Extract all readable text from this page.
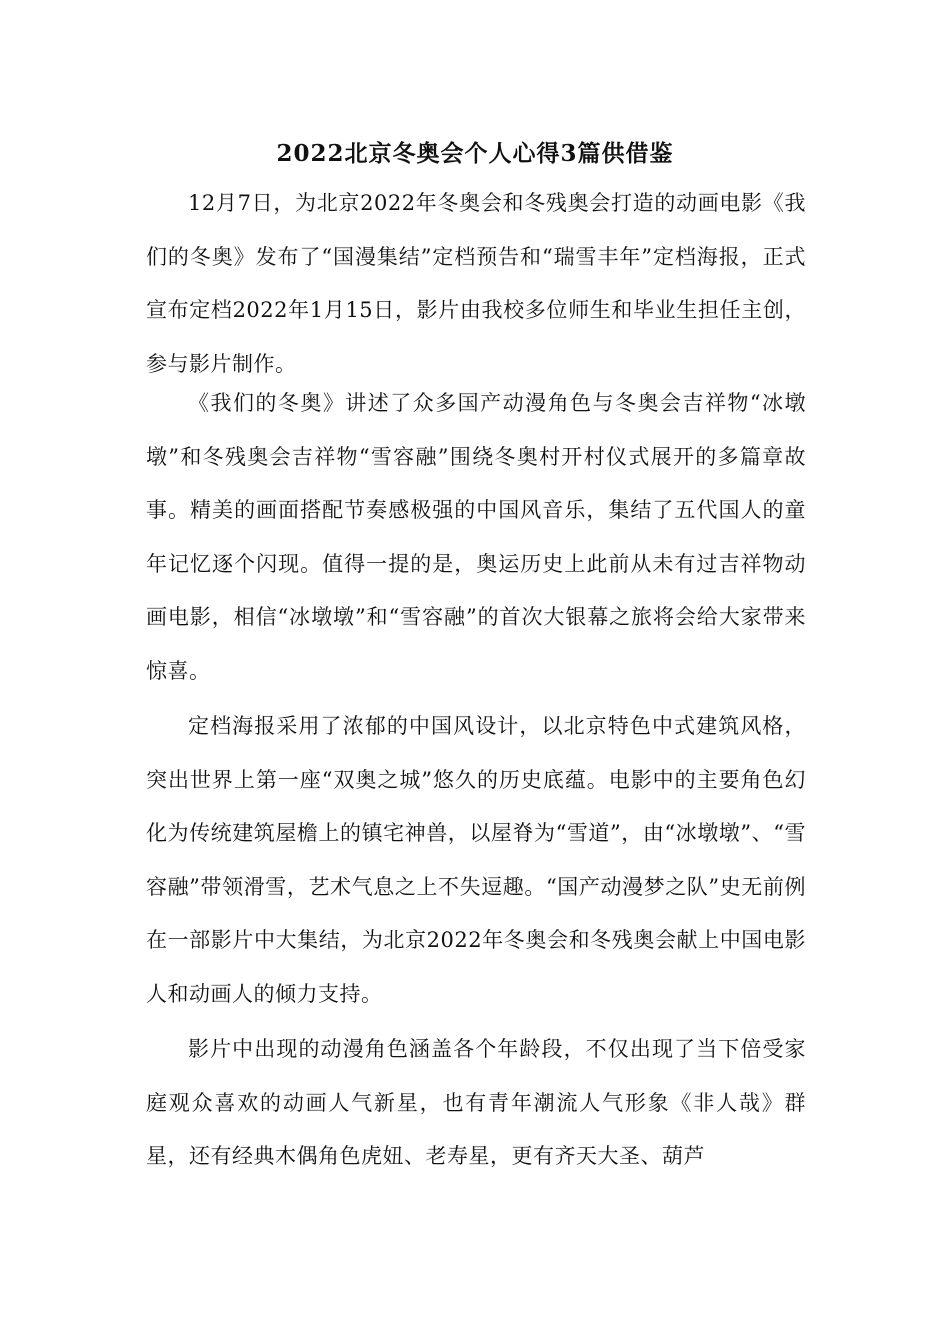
2022北京冬奥会个人心得3篇供借鉴

12月7日，为北京2022年冬奥会和冬残奥会打造的动画电影《我们的冬奥》发布了“国漫集结”定档预告和“瑞雪丰年”定档海报，正式宣布定档2022年1月15日，影片由我校多位师生和毕业生担任主创，参与影片制作。

《我们的冬奥》讲述了众多国产动漫角色与冬奥会吉祥物“冰墩墩”和冬残奥会吉祥物“雪容融”围绕冬奥村开村仪式展开的多篇章故事。精美的画面搭配节奏感极强的中国风音乐，集结了五代国人的童年记忆逐个闪现。值得一提的是，奥运历史上此前从未有过吉祥物动画电影，相信“冰墩墩”和“雪容融”的首次大银幕之旅将会给大家带来惊喜。

定档海报采用了浓郁的中国风设计，以北京特色中式建筑风格，突出世界上第一座“双奥之城”悠久的历史底蕴。电影中的主要角色幻化为传统建筑屋檐上的镇宅神兽，以屋脊为“雪道”，由“冰墩墩”、“雪容融”带领滑雪，艺术气息之上不失逗趣。“国产动漫梦之队”史无前例在一部影片中大集结，为北京2022年冬奥会和冬残奥会献上中国电影人和动画人的倾力支持。

影片中出现的动漫角色涵盖各个年龄段，不仅出现了当下倍受家庭观众喜欢的动画人气新星，也有青年潮流人气形象《非人哉》群星，还有经典木偶角色虎妞、老寿星，更有齐天大圣、葫芦
